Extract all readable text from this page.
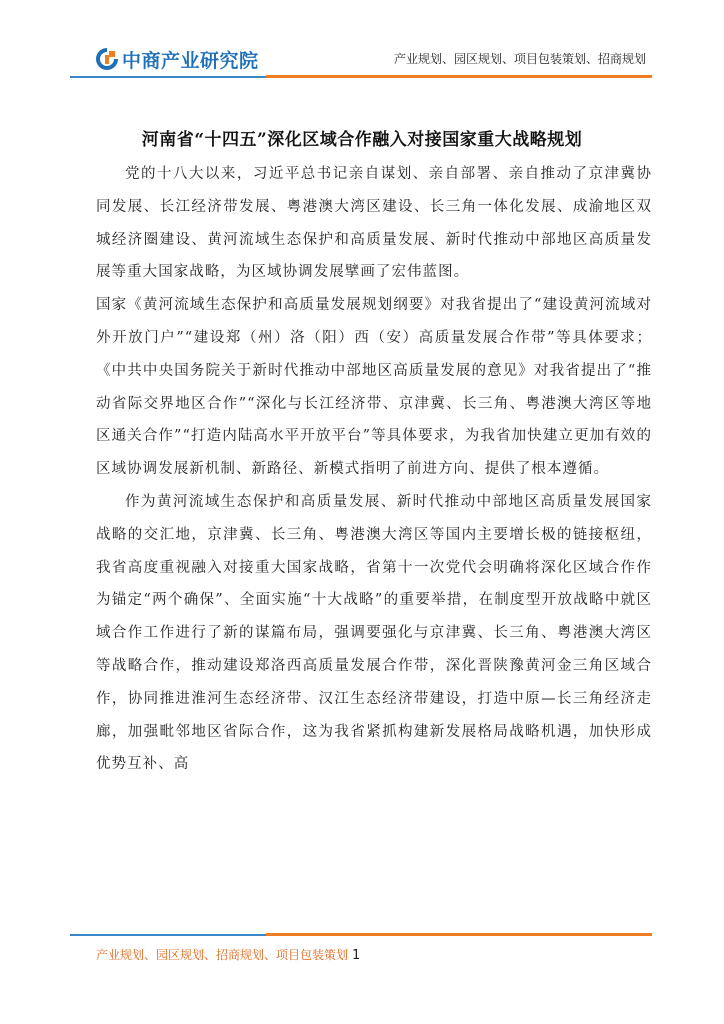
中商产业研究院	产业规划、园区规划、项目包装策划、招商规划
河南省“十四五”深化区域合作融入对接国家重大战略规划

党的十八大以来，习近平总书记亲自谋划、亲自部署、亲自推动了京津冀协同发展、长江经济带发展、粤港澳大湾区建设、长三角一体化发展、成渝地区双城经济圈建设、黄河流域生态保护和高质量发展、新时代推动中部地区高质量发展等重大国家战略，为区域协调发展擘画了宏伟蓝图。

国家《黄河流域生态保护和高质量发展规划纲要》对我省提出了“建设黄河流域对外开放门户”“建设郑（州）洛（阳）西（安）高质量发展合作带”等具体要求；《中共中央国务院关于新时代推动中部地区高质量发展的意见》对我省提出了“推动省际交界地区合作”“深化与长江经济带、京津冀、长三角、粤港澳大湾区等地区通关合作”“打造内陆高水平开放平台”等具体要求，为我省加快建立更加有效的区域协调发展新机制、新路径、新模式指明了前进方向、提供了根本遵循。

作为黄河流域生态保护和高质量发展、新时代推动中部地区高质量发展国家战略的交汇地，京津冀、长三角、粤港澳大湾区等国内主要增长极的链接枢纽，我省高度重视融入对接重大国家战略，省第十一次党代会明确将深化区域合作作为锚定“两个确保”、全面实施“十大战略”的重要举措，在制度型开放战略中就区域合作工作进行了新的谋篇布局，强调要强化与京津冀、长三角、粤港澳大湾区等战略合作，推动建设郑洛西高质量发展合作带，深化晋陕豫黄河金三角区域合作，协同推进淮河生态经济带、汉江生态经济带建设，打造中原—长三角经济走廊，加强毗邻地区省际合作，这为我省紧抓构建新发展格局战略机遇，加快形成优势互补、高

产业规划、园区规划、招商规划、项目包装策划 1
